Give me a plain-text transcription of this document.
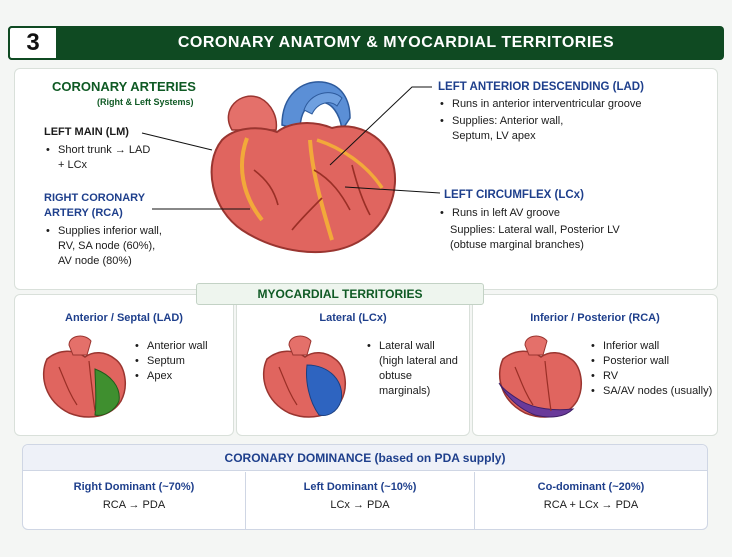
3	CORONARY ANATOMY & MYOCARDIAL TERRITORIES
CORONARY ARTERIES
(Right & Left Systems)
LEFT MAIN (LM)
• Short trunk → LAD + LCx
RIGHT CORONARY ARTERY (RCA)
• Supplies inferior wall, RV, SA node (60%), AV node (80%)
LEFT ANTERIOR DESCENDING (LAD)
• Runs in anterior interventricular groove
• Supplies: Anterior wall, Septum, LV apex
LEFT CIRCUMFLEX (LCx)
• Runs in left AV groove
Supplies: Lateral wall, Posterior LV (obtuse marginal branches)
Anterior / Septal (LAD)
• Anterior wall
• Septum
• Apex
Lateral (LCx)
• Lateral wall (high lateral and obtuse marginals)
Inferior / Posterior (RCA)
• Inferior wall
• Posterior wall
• RV
• SA/AV nodes (usually)
MYOCARDIAL TERRITORIES
CORONARY DOMINANCE (based on PDA supply)
Right Dominant (~70%)
RCA → PDA
Left Dominant (~10%)
LCx → PDA
Co-dominant (~20%)
RCA + LCx → PDA
